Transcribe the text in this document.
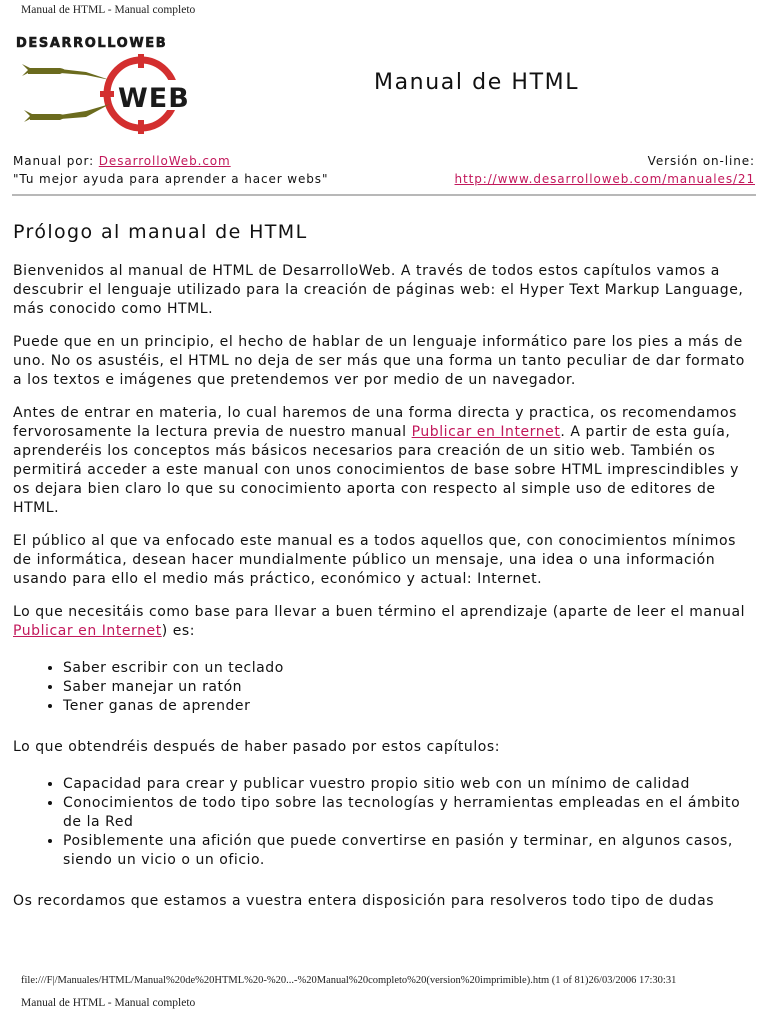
Manual de HTML - Manual completo
DESARROLLOWEB
WEB
Manual de HTML
Manual por: DesarrolloWeb.com
"Tu mejor ayuda para aprender a hacer webs"
Versión on-line:
http://www.desarrolloweb.com/manuales/21
Prólogo al manual de HTML

Bienvenidos al manual de HTML de DesarrolloWeb. A través de todos estos capítulos vamos a descubrir el lenguaje utilizado para la creación de páginas web: el Hyper Text Markup Language, más conocido como HTML.

Puede que en un principio, el hecho de hablar de un lenguaje informático pare los pies a más de uno. No os asustéis, el HTML no deja de ser más que una forma un tanto peculiar de dar formato a los textos e imágenes que pretendemos ver por medio de un navegador.

Antes de entrar en materia, lo cual haremos de una forma directa y practica, os recomendamos fervorosamente la lectura previa de nuestro manual Publicar en Internet. A partir de esta guía, aprenderéis los conceptos más básicos necesarios para creación de un sitio web. También os permitirá acceder a este manual con unos conocimientos de base sobre HTML imprescindibles y os dejara bien claro lo que su conocimiento aporta con respecto al simple uso de editores de HTML.

El público al que va enfocado este manual es a todos aquellos que, con conocimientos mínimos de informática, desean hacer mundialmente público un mensaje, una idea o una información usando para ello el medio más práctico, económico y actual: Internet.

Lo que necesitáis como base para llevar a buen término el aprendizaje (aparte de leer el manual Publicar en Internet) es:

• Saber escribir con un teclado
• Saber manejar un ratón
• Tener ganas de aprender

Lo que obtendréis después de haber pasado por estos capítulos:

• Capacidad para crear y publicar vuestro propio sitio web con un mínimo de calidad
• Conocimientos de todo tipo sobre las tecnologías y herramientas empleadas en el ámbito de la Red
• Posiblemente una afición que puede convertirse en pasión y terminar, en algunos casos, siendo un vicio o un oficio.

Os recordamos que estamos a vuestra entera disposición para resolveros todo tipo de dudas

file:///F|/Manuales/HTML/Manual%20de%20HTML%20-%20...-%20Manual%20completo%20(version%20imprimible).htm (1 of 81)26/03/2006 17:30:31
Manual de HTML - Manual completo
